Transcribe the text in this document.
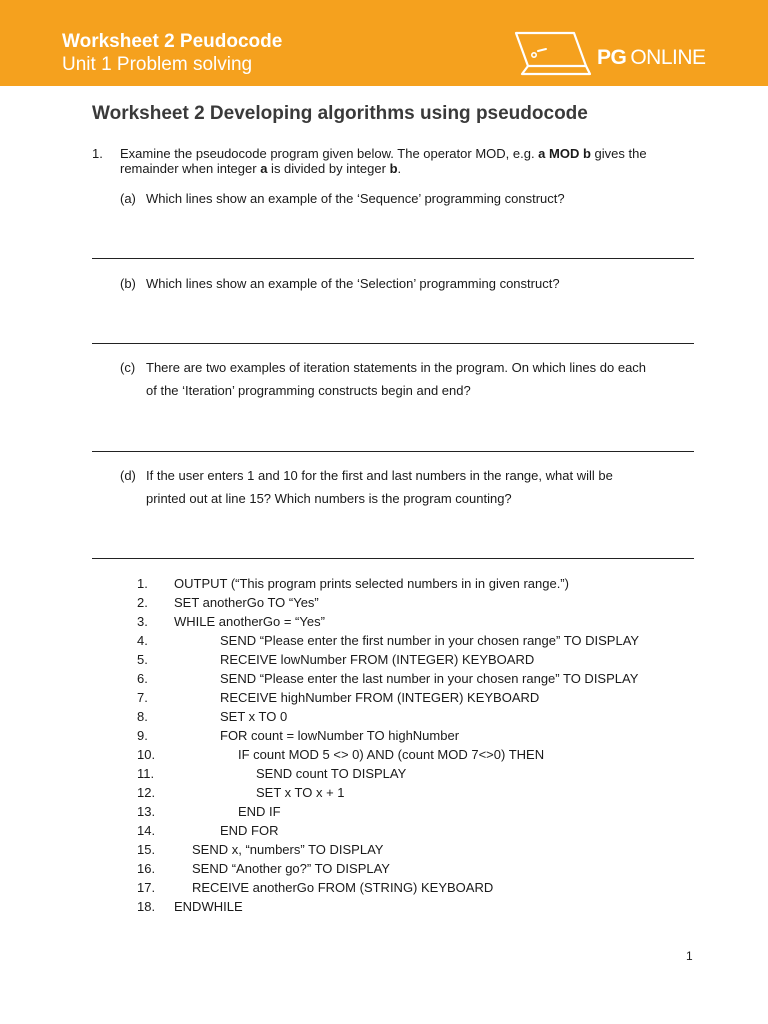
Worksheet 2 Peudocode
Unit 1 Problem solving	PG ONLINE
Worksheet 2 Developing algorithms using pseudocode
1. Examine the pseudocode program given below. The operator MOD, e.g. a MOD b gives the
remainder when integer a is divided by integer b.
(a) Which lines show an example of the ‘Sequence’ programming construct?
(b) Which lines show an example of the ‘Selection’ programming construct?
(c) There are two examples of iteration statements in the program. On which lines do each
of the ‘Iteration’ programming constructs begin and end?
(d) If the user enters 1 and 10 for the first and last numbers in the range, what will be
printed out at line 15? Which numbers is the program counting?
1. OUTPUT (“This program prints selected numbers in in given range.”)
2. SET anotherGo TO “Yes”
3. WHILE anotherGo = “Yes”
4.	SEND “Please enter the first number in your chosen range” TO DISPLAY
5.	RECEIVE lowNumber FROM (INTEGER) KEYBOARD
6.	SEND “Please enter the last number in your chosen range” TO DISPLAY
7.	RECEIVE highNumber FROM (INTEGER) KEYBOARD
8.	SET x TO 0
9.	FOR count = lowNumber TO highNumber
10.	IF count MOD 5 <> 0) AND (count MOD 7<>0) THEN
11.	SEND count TO DISPLAY
12.	SET x TO x + 1
13.	END IF
14.	END FOR
15.	SEND x, “numbers” TO DISPLAY
16.	SEND “Another go?” TO DISPLAY
17.	RECEIVE anotherGo FROM (STRING) KEYBOARD
18. ENDWHILE
1
